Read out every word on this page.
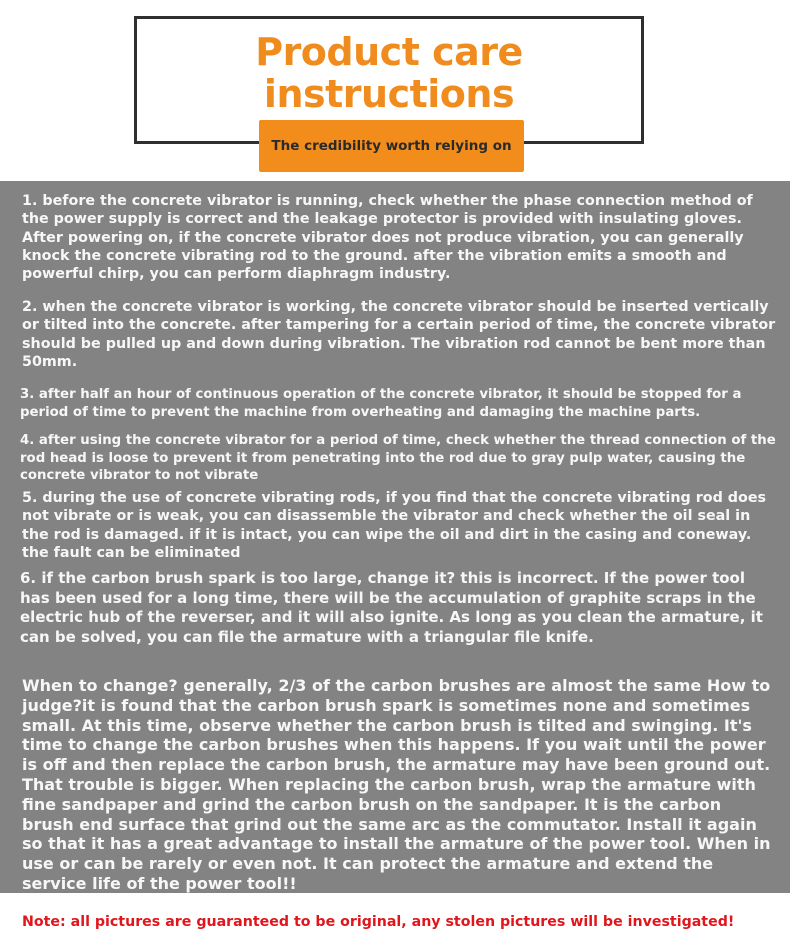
Product care
instructions
The credibility worth relying on
1. before the concrete vibrator is running, check whether the phase connection method of the power supply is correct and the leakage protector is provided with insulating gloves. After powering on, if the concrete vibrator does not produce vibration, you can generally knock the concrete vibrating rod to the ground. after the vibration emits a smooth and powerful chirp, you can perform diaphragm industry.
2. when the concrete vibrator is working, the concrete vibrator should be inserted vertically or tilted into the concrete. after tampering for a certain period of time, the concrete vibrator should be pulled up and down during vibration. The vibration rod cannot be bent more than 50mm.
3. after half an hour of continuous operation of the concrete vibrator, it should be stopped for a period of time to prevent the machine from overheating and damaging the machine parts.
4. after using the concrete vibrator for a period of time, check whether the thread connection of the rod head is loose to prevent it from penetrating into the rod due to gray pulp water, causing the concrete vibrator to not vibrate
5. during the use of concrete vibrating rods, if you find that the concrete vibrating rod does not vibrate or is weak, you can disassemble the vibrator and check whether the oil seal in the rod is damaged. if it is intact, you can wipe the oil and dirt in the casing and coneway. the fault can be eliminated
6. if the carbon brush spark is too large, change it? this is incorrect. If the power tool has been used for a long time, there will be the accumulation of graphite scraps in the electric hub of the reverser, and it will also ignite. As long as you clean the armature, it can be solved, you can file the armature with a triangular file knife.
When to change? generally, 2/3 of the carbon brushes are almost the same How to judge?it is found that the carbon brush spark is sometimes none and sometimes small. At this time, observe whether the carbon brush is tilted and swinging. It's time to change the carbon brushes when this happens. If you wait until the power is off and then replace the carbon brush, the armature may have been ground out. That trouble is bigger. When replacing the carbon brush, wrap the armature with fine sandpaper and grind the carbon brush on the sandpaper. It is the carbon brush end surface that grind out the same arc as the commutator. Install it again so that it has a great advantage to install the armature of the power tool. When in use or can be rarely or even not. It can protect the armature and extend the service life of the power tool!!
Note: all pictures are guaranteed to be original, any stolen pictures will be investigated!
